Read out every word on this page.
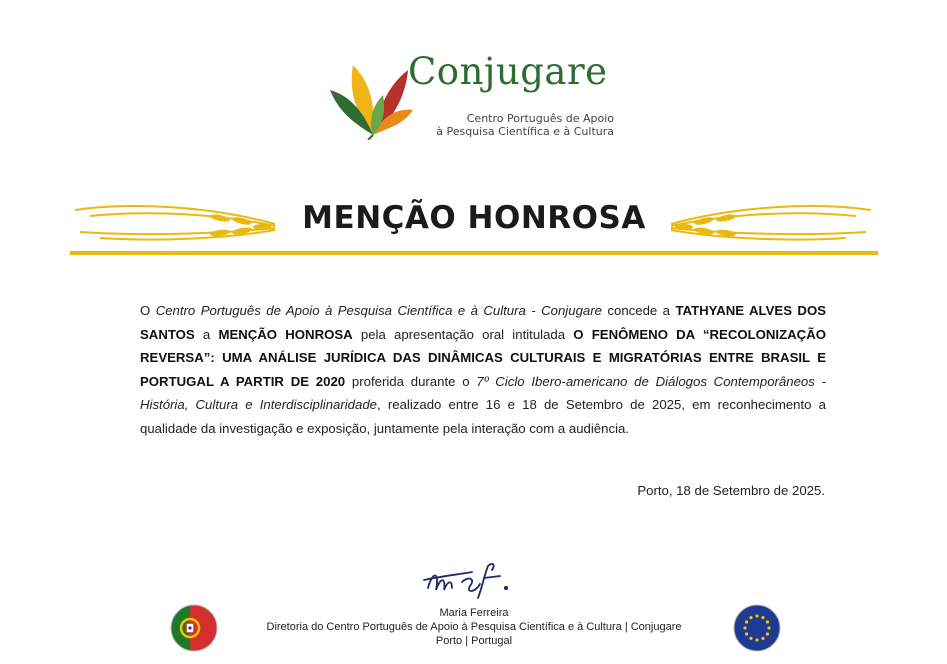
Conjugare
Centro Português de Apoio
à Pesquisa Científica e à Cultura
MENÇÃO HONROSA
O Centro Português de Apoio à Pesquisa Científica e à Cultura - Conjugare concede a TATHYANE ALVES DOS SANTOS a MENÇÃO HONROSA pela apresentação oral intitulada O FENÔMENO DA “RECOLONIZAÇÃO REVERSA”: UMA ANÁLISE JURÍDICA DAS DINÂMICAS CULTURAIS E MIGRATÓRIAS ENTRE BRASIL E PORTUGAL A PARTIR DE 2020 proferida durante o 7º Ciclo Ibero-americano de Diálogos Contemporâneos - História, Cultura e Interdisciplinaridade, realizado entre 16 e 18 de Setembro de 2025, em reconhecimento a qualidade da investigação e exposição, juntamente pela interação com a audiência.
Porto, 18 de Setembro de 2025.
Maria Ferreira
Diretoria do Centro Português de Apoio à Pesquisa Científica e à Cultura | Conjugare
Porto | Portugal
